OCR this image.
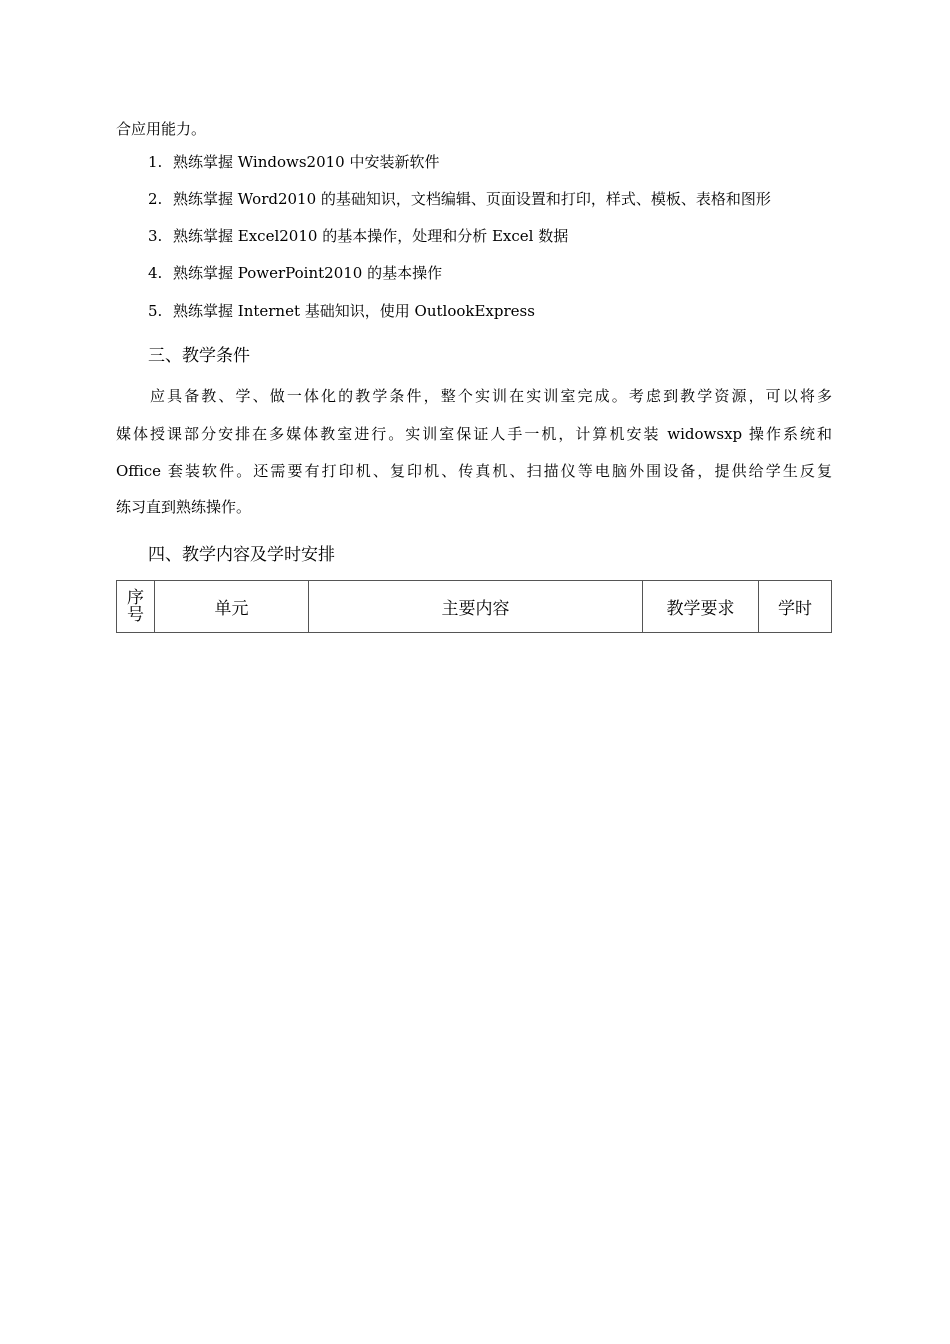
合应用能力。
1. 熟练掌握 Windows2010 中安装新软件
2. 熟练掌握 Word2010 的基础知识，文档编辑、页面设置和打印，样式、模板、表格和图形
3. 熟练掌握 Excel2010 的基本操作，处理和分析 Excel 数据
4. 熟练掌握 PowerPoint2010 的基本操作
5. 熟练掌握 Internet 基础知识，使用 OutlookExpress
三、教学条件
应具备教、学、做一体化的教学条件，整个实训在实训室完成。考虑到教学资源，可以将多
媒体授课部分安排在多媒体教室进行。实训室保证人手一机，计算机安装 widowsxp 操作系统和
Office 套装软件。还需要有打印机、复印机、传真机、扫描仪等电脑外围设备，提供给学生反复
练习直到熟练操作。
四、教学内容及学时安排
序
号	单元	主要内容	教学要求	学时
